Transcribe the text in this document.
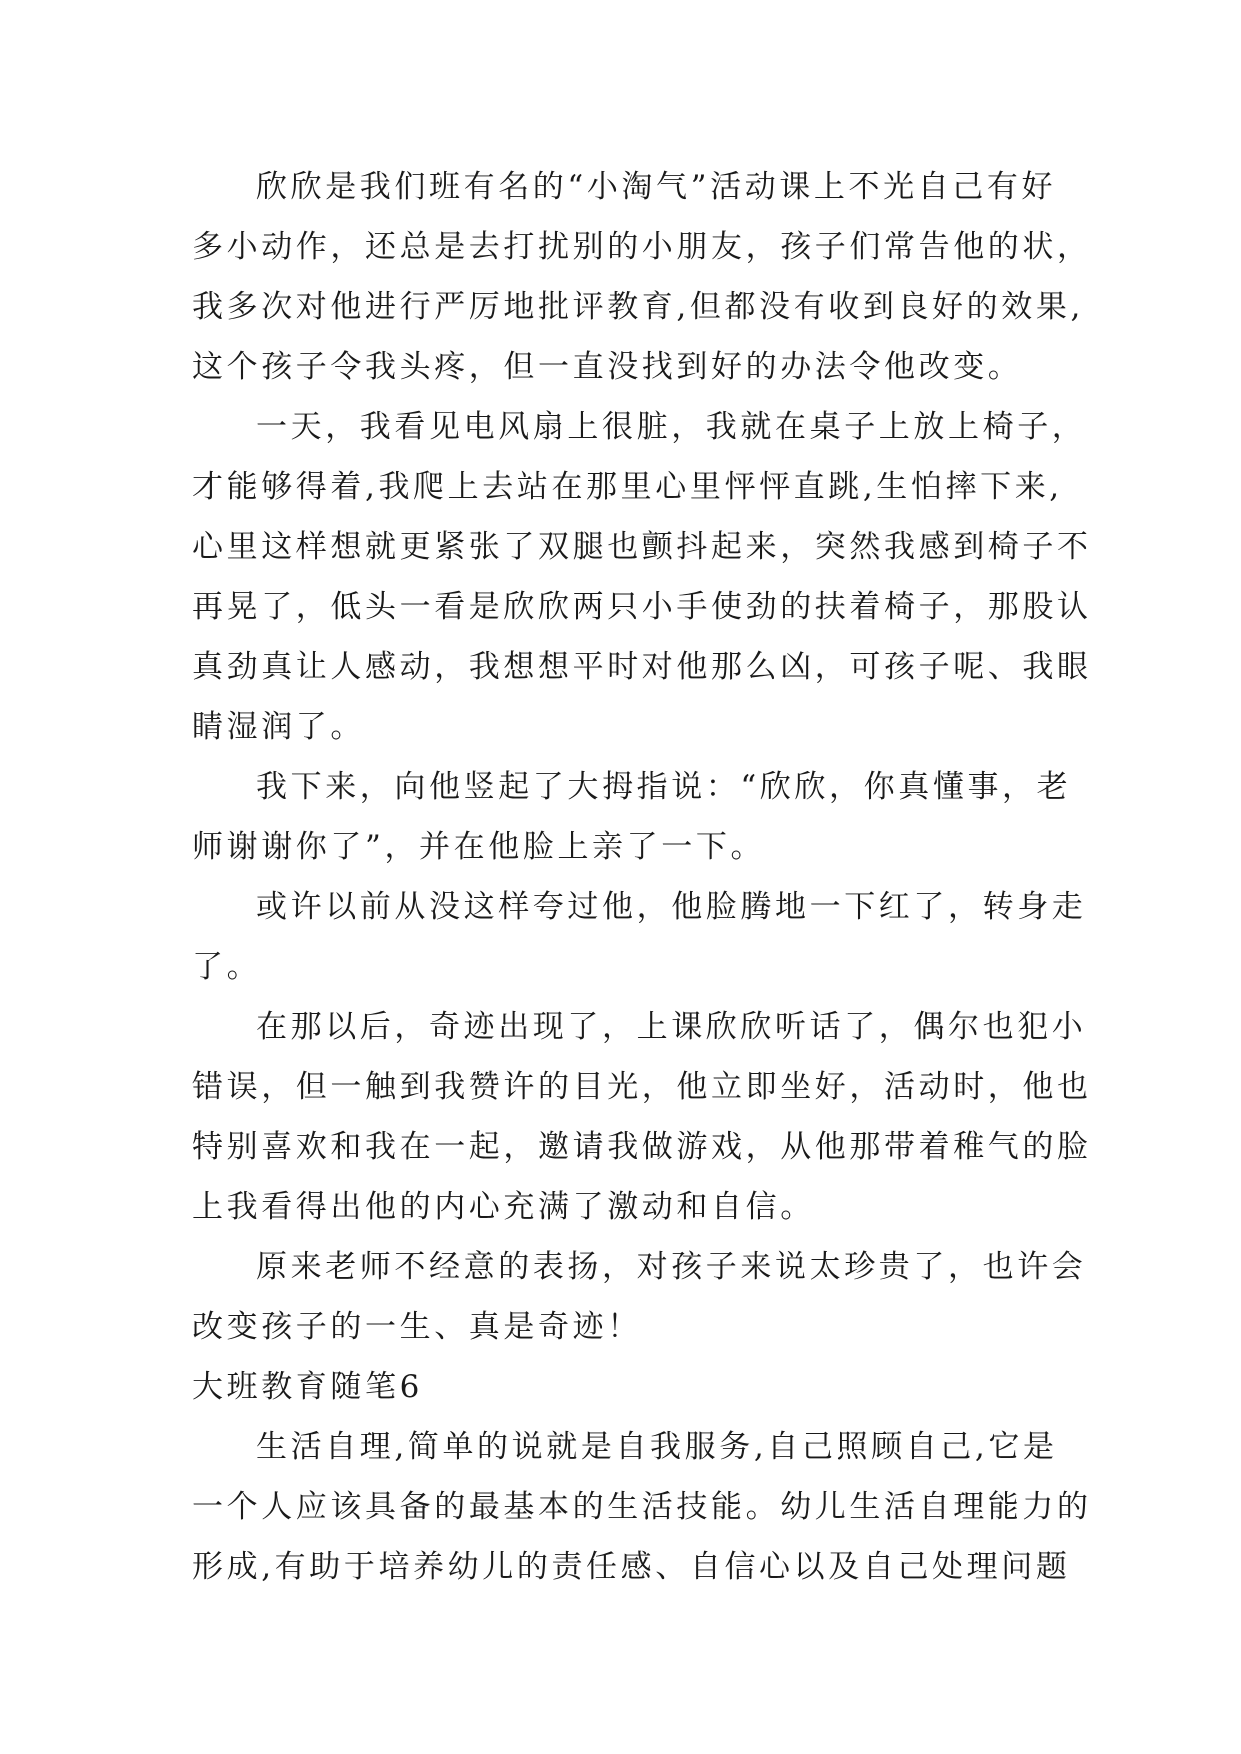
欣欣是我们班有名的“小淘气”活动课上不光自己有好
多小动作，还总是去打扰别的小朋友，孩子们常告他的状，
我多次对他进行严厉地批评教育,但都没有收到良好的效果,
这个孩子令我头疼，但一直没找到好的办法令他改变。
一天，我看见电风扇上很脏，我就在桌子上放上椅子，
才能够得着,我爬上去站在那里心里怦怦直跳,生怕摔下来,
心里这样想就更紧张了双腿也颤抖起来，突然我感到椅子不
再晃了，低头一看是欣欣两只小手使劲的扶着椅子，那股认
真劲真让人感动，我想想平时对他那么凶，可孩子呢、我眼
睛湿润了。
我下来，向他竖起了大拇指说：“欣欣，你真懂事，老
师谢谢你了”，并在他脸上亲了一下。
或许以前从没这样夸过他，他脸腾地一下红了，转身走
了。
在那以后，奇迹出现了，上课欣欣听话了，偶尔也犯小
错误，但一触到我赞许的目光，他立即坐好，活动时，他也
特别喜欢和我在一起，邀请我做游戏，从他那带着稚气的脸
上我看得出他的内心充满了激动和自信。
原来老师不经意的表扬，对孩子来说太珍贵了，也许会
改变孩子的一生、真是奇迹！
大班教育随笔6
生活自理,简单的说就是自我服务,自己照顾自己,它是
一个人应该具备的最基本的生活技能。幼儿生活自理能力的
形成,有助于培养幼儿的责任感、自信心以及自己处理问题
